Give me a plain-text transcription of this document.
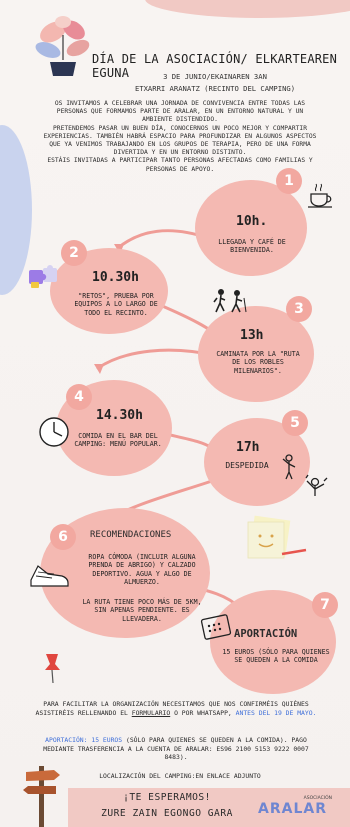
DÍA DE LA ASOCIACIÓN/ ELKARTEAREN EGUNA	3 DE JUNIO/EKAINAREN 3AN
ETXARRI ARANATZ (RECINTO DEL CAMPING)
OS INVITAMOS A CELEBRAR UNA JORNADA DE CONVIVENCIA ENTRE TODAS LAS PERSONAS QUE FORMAMOS PARTE DE ARALAR, EN UN ENTORNO NATURAL Y UN AMBIENTE DISTENDIDO.
PRETENDEMOS PASAR UN BUEN DÍA, CONOCERNOS UN POCO MEJOR Y COMPARTIR EXPERIENCIAS. TAMBIÉN HABRÁ ESPACIO PARA PROFUNDIZAR EN ALGUNOS ASPECTOS QUE YA VENIMOS TRABAJANDO EN LOS GRUPOS DE TERAPIA, PERO DE UNA FORMA DIVERTIDA Y EN UN ENTORNO DISTINTO.
ESTÁIS INVITADAS A PARTICIPAR TANTO PERSONAS AFECTADAS COMO FAMILIAS Y PERSONAS DE APOYO.
1
10h.
LLEGADA Y CAFÉ DE BIENVENIDA.
2
10.30h
"RETOS", PRUEBA POR EQUIPOS A LO LARGO DE TODO EL RECINTO.	3
13h
CAMINATA POR LA "RUTA DE LOS ROBLES MILENARIOS".
4
14.30h
COMIDA EN EL BAR DEL CAMPING: MENÚ POPULAR.
5
17h
DESPEDIDA
6	RECOMENDACIONES
ROPA CÓMODA (INCLUIR ALGUNA PRENDA DE ABRIGO) Y CALZADO DEPORTIVO. AGUA Y ALGO DE ALMUERZO.
LA RUTA TIENE POCO MÁS DE 5KM, SIN APENAS PENDIENTE. ES LLEVADERA.
7
APORTACIÓN
15 EUROS (SÓLO PARA QUIENES SE QUEDEN A LA COMIDA
PARA FACILITAR LA ORGANIZACIÓN NECESITAMOS QUE NOS CONFIRMÉIS QUIÉNES ASISTIRÉIS RELLENANDO EL FORMULARIO O POR WHATSAPP, ANTES DEL 19 DE MAYO.
APORTACIÓN: 15 EUROS (SÓLO PARA QUIENES SE QUEDEN A LA COMIDA). PAGO MEDIANTE TRASFERENCIA A LA CUENTA DE ARALAR: ES96 2100 5153 9222 0007 8483).
LOCALIZACIÓN DEL CAMPING:EN ENLACE ADJUNTO
¡TE ESPERAMOS!
ZURE ZAIN EGONGO GARA
ASOCIACIÓN
ARALAR
